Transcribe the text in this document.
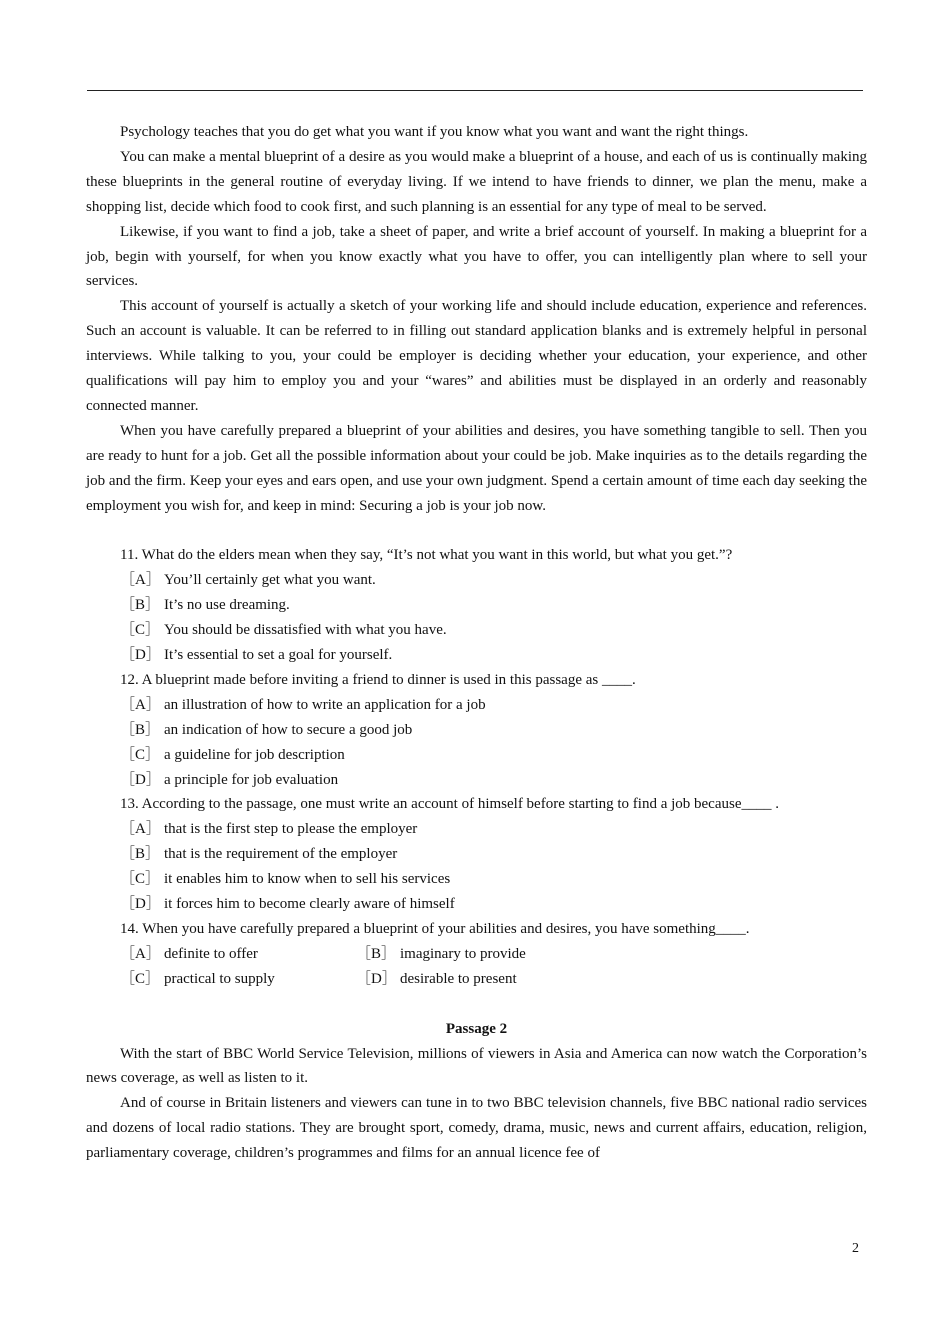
Psychology teaches that you do get what you want if you know what you want and want the right things.

You can make a mental blueprint of a desire as you would make a blueprint of a house, and each of us is continually making these blueprints in the general routine of everyday living. If we intend to have friends to dinner, we plan the menu, make a shopping list, decide which food to cook first, and such planning is an essential for any type of meal to be served.

Likewise, if you want to find a job, take a sheet of paper, and write a brief account of yourself. In making a blueprint for a job, begin with yourself, for when you know exactly what you have to offer, you can intelligently plan where to sell your services.

This account of yourself is actually a sketch of your working life and should include education, experience and references. Such an account is valuable. It can be referred to in filling out standard application blanks and is extremely helpful in personal interviews. While talking to you, your could be employer is deciding whether your education, your experience, and other qualifications will pay him to employ you and your “wares” and abilities must be displayed in an orderly and reasonably connected manner.

When you have carefully prepared a blueprint of your abilities and desires, you have something tangible to sell. Then you are ready to hunt for a job. Get all the possible information about your could be job. Make inquiries as to the details regarding the job and the firm. Keep your eyes and ears open, and use your own judgment. Spend a certain amount of time each day seeking the employment you wish for, and keep in mind: Securing a job is your job now.

11. What do the elders mean when they say, “It’s not what you want in this world, but what you get.”?

［A］ You’ll certainly get what you want.

［B］ It’s no use dreaming.

［C］ You should be dissatisfied with what you have.

［D］ It’s essential to set a goal for yourself.

12. A blueprint made before inviting a friend to dinner is used in this passage as ____.

［A］ an illustration of how to write an application for a job

［B］ an indication of how to secure a good job

［C］ a guideline for job description

［D］ a principle for job evaluation

13. According to the passage, one must write an account of himself before starting to find a job because____ .

［A］ that is the first step to please the employer

［B］ that is the requirement of the employer

［C］ it enables him to know when to sell his services

［D］ it forces him to become clearly aware of himself

14. When you have carefully prepared a blueprint of your abilities and desires, you have something____.

［A］ definite to offer	［B］ imaginary to provide
［C］ practical to supply	［D］ desirable to present

Passage 2

With the start of BBC World Service Television, millions of viewers in Asia and America can now watch the Corporation’s news coverage, as well as listen to it.

And of course in Britain listeners and viewers can tune in to two BBC television channels, five BBC national radio services and dozens of local radio stations. They are brought sport, comedy, drama, music, news and current affairs, education, religion, parliamentary coverage, children’s programmes and films for an annual licence fee of

2
